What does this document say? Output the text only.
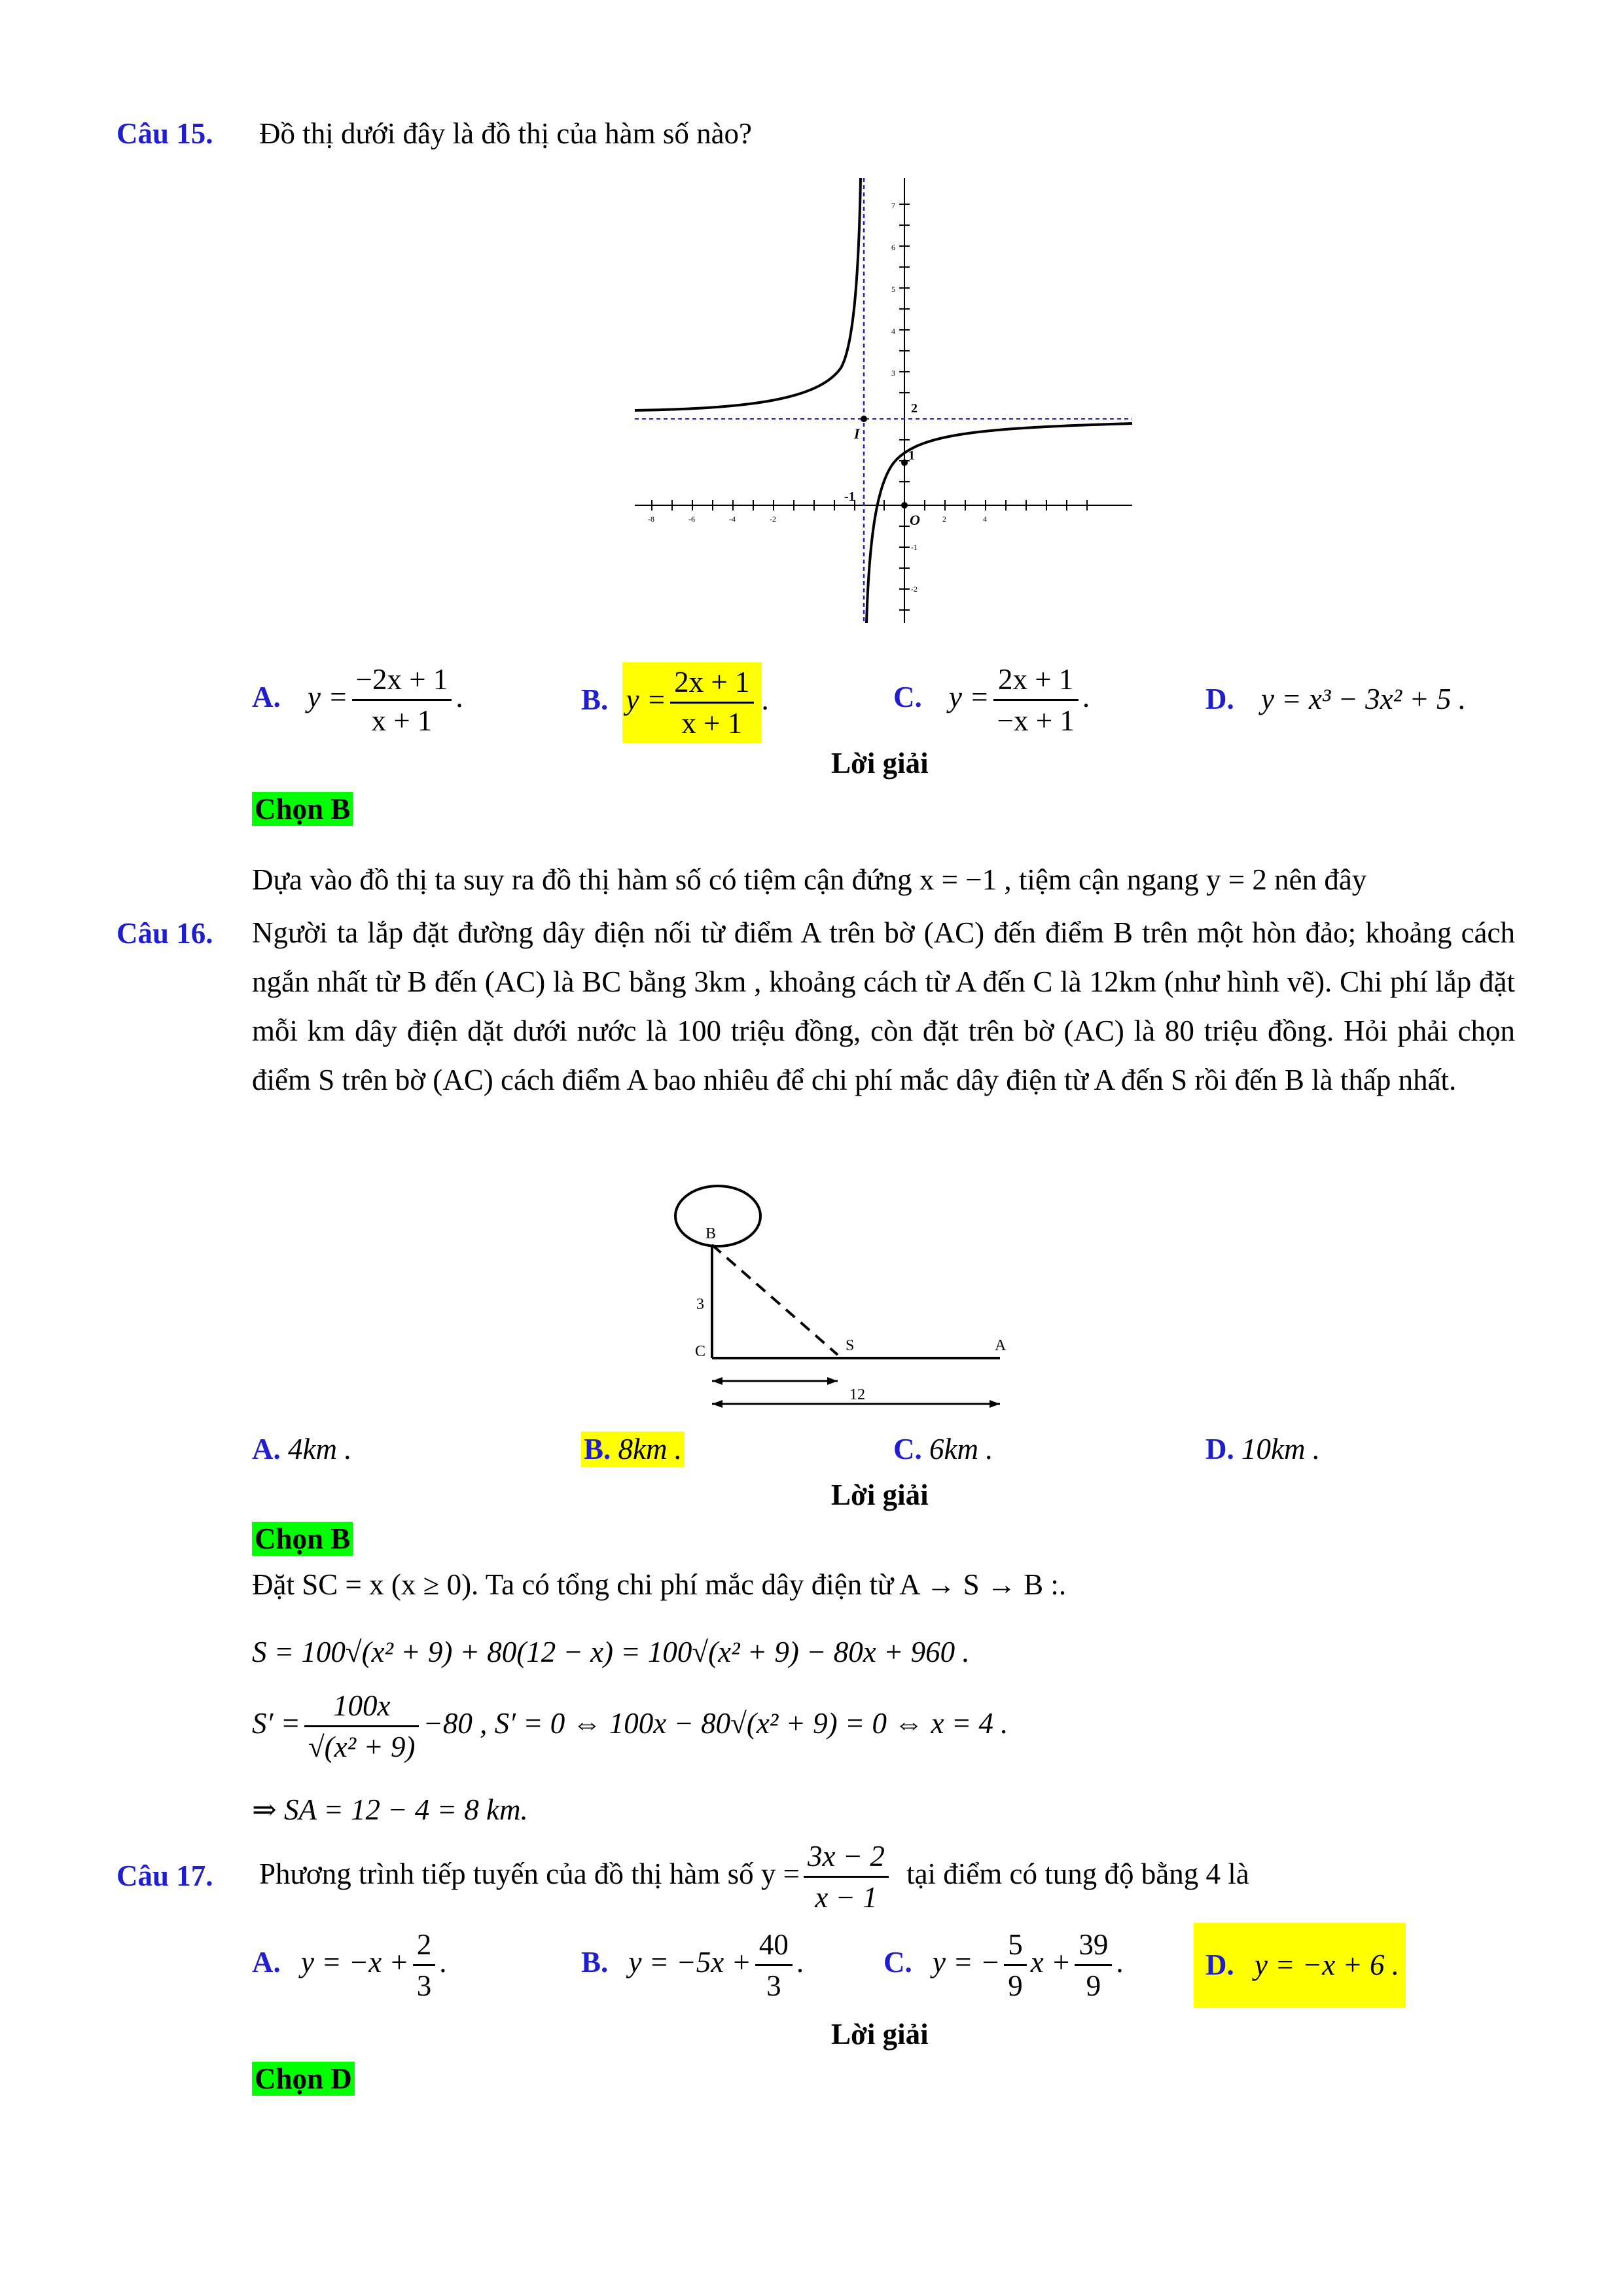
Câu 15. Đồ thị dưới đây là đồ thị của hàm số nào?
I
O
2
1
-1
-8	-6	-4	-2	2	4
7
6
5
4
3
-1
-2
A. $y = \frac{-2x + 1}{x + 1}$ .	B. $y = \frac{2x + 1}{x + 1}$ .	C. $y = \frac{2x + 1}{-x + 1}$ .	D. y = x³ − 3x² + 5 .
Lời giải
Chọn B
Dựa vào đồ thị ta suy ra đồ thị hàm số có tiệm cận đứng x = −1 , tiệm cận ngang y = 2 nên đây
Câu 16. Người ta lắp đặt đường dây điện nối từ điểm A trên bờ (AC) đến điểm B trên một hòn đảo; khoảng cách ngắn nhất từ B đến (AC) là BC bằng 3km , khoảng cách từ A đến C là 12km (như hình vẽ). Chi phí lắp đặt mỗi km dây điện dặt dưới nước là 100 triệu đồng, còn đặt trên bờ (AC) là 80 triệu đồng. Hỏi phải chọn điểm S trên bờ (AC) cách điểm A bao nhiêu để chi phí mắc dây điện từ A đến S rồi đến B là thấp nhất.
B
C	S	A
3
12
A. 4km .	B. 8km .	C. 6km .	D. 10km .
Lời giải
Chọn B
Đặt SC = x (x ≥ 0). Ta có tổng chi phí mắc dây điện từ A → S → B :.
S = 100√(x² + 9) + 80(12 − x) = 100√(x² + 9) − 80x + 960 .
$S' = \frac{100x}{\text{√(x² + 9)}} -80$ , S′ = 0 ⇔ 100x − 80√(x² + 9) = 0 ⇔ x = 4 .
⇒ SA = 12 − 4 = 8 km.
Câu 17. Phương trình tiếp tuyến của đồ thị hàm số $y = \frac{3x - 2}{x - 1}$ tại điểm có tung độ bằng 4 là
A. $y = -x + \frac{2}{3}$ .	B. $y = -5x + \frac{40}{3}$ .	C. y = − $\frac{5}{9}$ $x + \frac{39}{9}$ .	D. y = −x + 6 .
Lời giải
Chọn D
